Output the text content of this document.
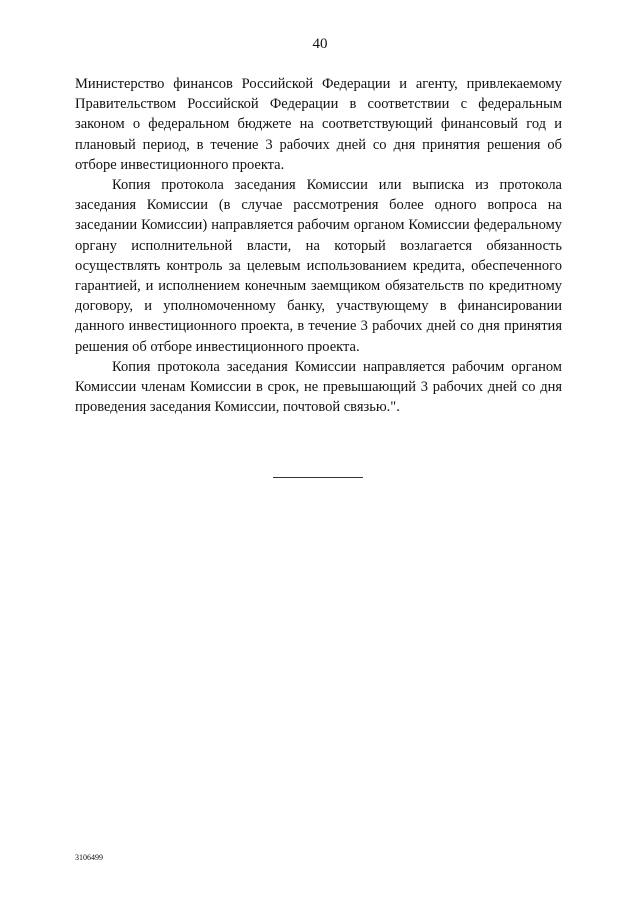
40

Министерство финансов Российской Федерации и агенту, привлекаемому Правительством Российской Федерации в соответствии с федеральным законом о федеральном бюджете на соответствующий финансовый год и плановый период, в течение 3 рабочих дней со дня принятия решения об отборе инвестиционного проекта.

Копия протокола заседания Комиссии или выписка из протокола заседания Комиссии (в случае рассмотрения более одного вопроса на заседании Комиссии) направляется рабочим органом Комиссии федеральному органу исполнительной власти, на который возлагается обязанность осуществлять контроль за целевым использованием кредита, обеспеченного гарантией, и исполнением конечным заемщиком обязательств по кредитному договору, и уполномоченному банку, участвующему в финансировании данного инвестиционного проекта, в течение 3 рабочих дней со дня принятия решения об отборе инвестиционного проекта.

Копия протокола заседания Комиссии направляется рабочим органом Комиссии членам Комиссии в срок, не превышающий 3 рабочих дней со дня проведения заседания Комиссии, почтовой связью.".

3106499
